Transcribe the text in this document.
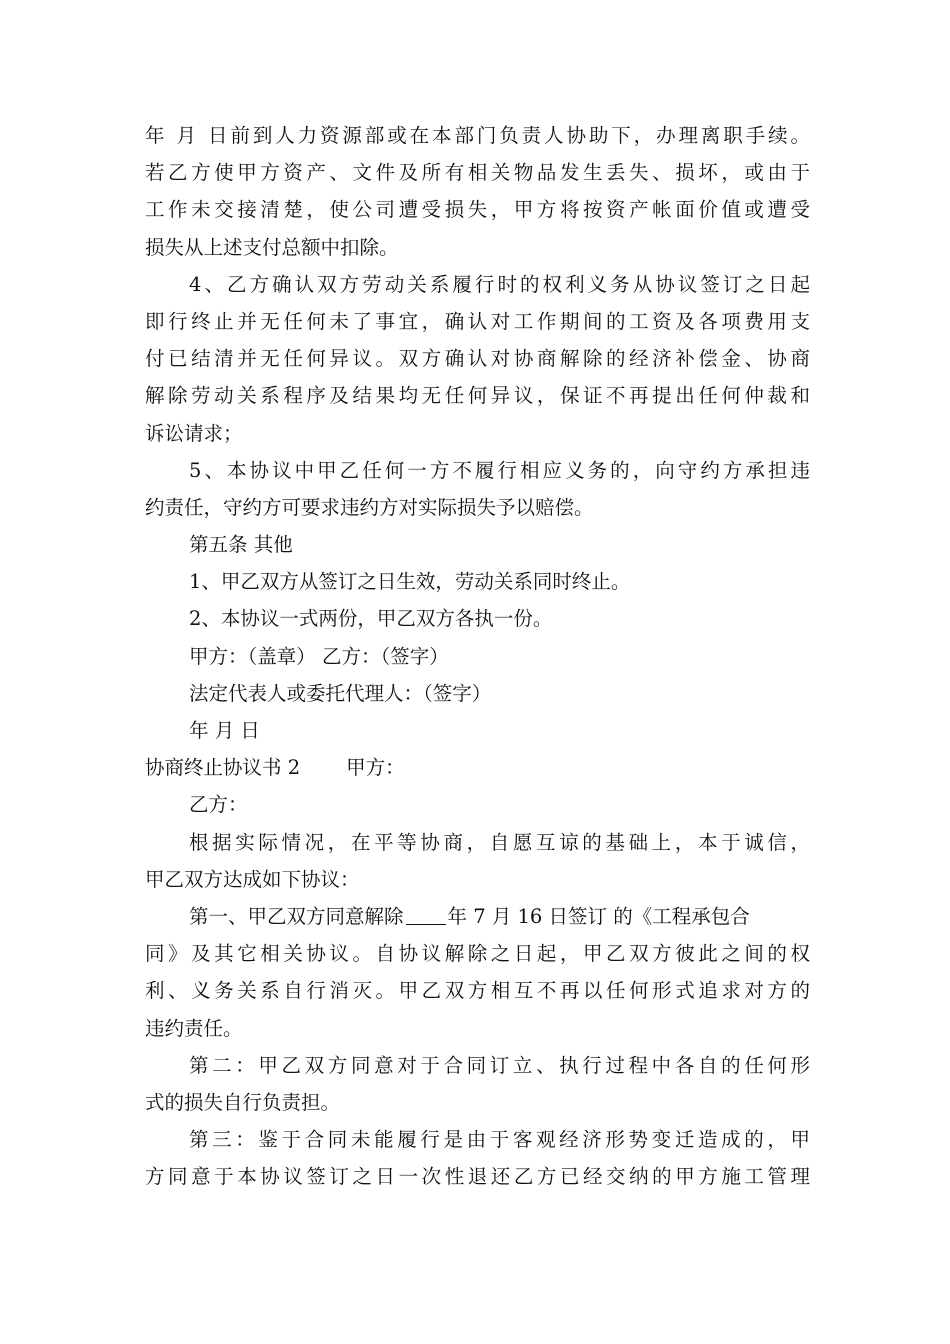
年 月 日前到人力资源部或在本部门负责人协助下，办理离职手续。
若乙方使甲方资产、文件及所有相关物品发生丢失、损坏，或由于
工作未交接清楚，使公司遭受损失，甲方将按资产帐面价值或遭受
损失从上述支付总额中扣除。
4、乙方确认双方劳动关系履行时的权利义务从协议签订之日起
即行终止并无任何未了事宜，确认对工作期间的工资及各项费用支
付已结清并无任何异议。双方确认对协商解除的经济补偿金、协商
解除劳动关系程序及结果均无任何异议，保证不再提出任何仲裁和
诉讼请求；
5、本协议中甲乙任何一方不履行相应义务的，向守约方承担违
约责任，守约方可要求违约方对实际损失予以赔偿。
第五条 其他
1、甲乙双方从签订之日生效，劳动关系同时终止。
2、本协议一式两份，甲乙双方各执一份。
甲方：（盖章） 乙方：（签字）
法定代表人或委托代理人：（签字）
年 月 日
协商终止协议书 2 甲方：
乙方：
根据实际情况，在平等协商，自愿互谅的基础上，本于诚信，
甲乙双方达成如下协议：
第一、甲乙双方同意解除 年 7 月 16 日签订 的《工程承包合
同》及其它相关协议。自协议解除之日起，甲乙双方彼此之间的权
利、义务关系自行消灭。甲乙双方相互不再以任何形式追求对方的
违约责任。
第二：甲乙双方同意对于合同订立、执行过程中各自的任何形
式的损失自行负责担。
第三：鉴于合同未能履行是由于客观经济形势变迁造成的，甲
方同意于本协议签订之日一次性退还乙方已经交纳的甲方施工管理
